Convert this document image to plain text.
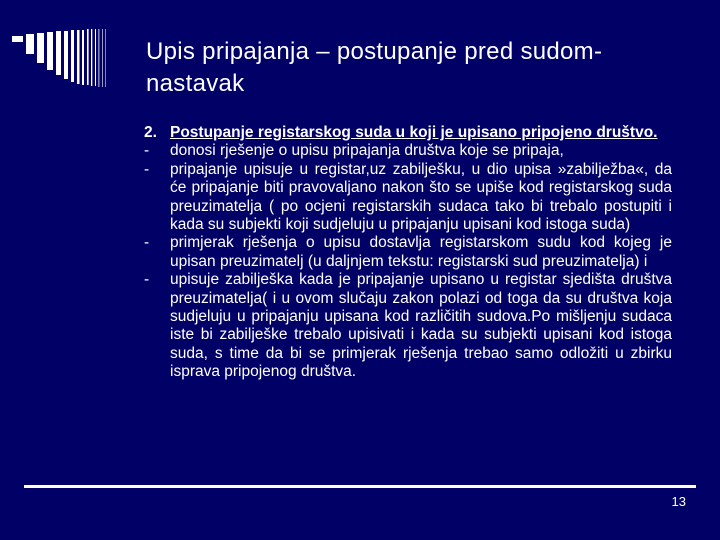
Upis pripajanja – postupanje pred sudom- nastavak
2. Postupanje registarskog suda u koji je upisano pripojeno društvo.
-	donosi rješenje o upisu pripajanja društva koje se pripaja,
-	pripajanje upisuje u registar,uz zabilješku, u dio upisa »zabilježba«, da će pripajanje biti pravovaljano nakon što se upiše kod registarskog suda preuzimatelja ( po ocjeni registarskih sudaca tako bi trebalo postupiti i kada su subjekti koji sudjeluju u pripajanju upisani kod istoga suda)
-	primjerak rješenja o upisu dostavlja registarskom sudu kod kojeg je upisan preuzimatelj (u daljnjem tekstu: registarski sud preuzimatelja) i
-	upisuje zabilješka kada je pripajanje upisano u registar sjedišta društva preuzimatelja( i u ovom slučaju zakon polazi od toga da su društva koja sudjeluju u pripajanju upisana kod različitih sudova.Po mišljenju sudaca iste bi zabilješke trebalo upisivati i kada su subjekti upisani kod istoga suda, s time da bi se primjerak rješenja trebao samo odložiti u zbirku isprava pripojenog društva.
13
